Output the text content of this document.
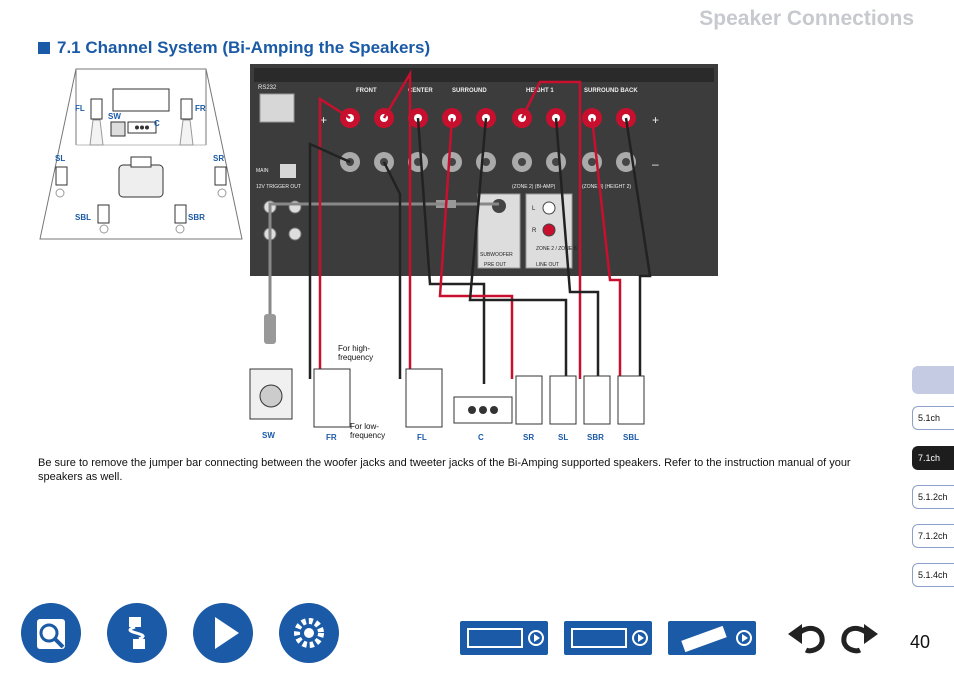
Speaker Connections
7.1 Channel System (Bi-Amping the Speakers)
FL	FR
SW
C
SL	SR
SBL	SBR
RS232
MAIN
12V TRIGGER OUT
FRONT	CENTER	SURROUND	HEIGHT 1	SURROUND BACK
+	+
–
(ZONE 2) (BI-AMP)	(ZONE 3) (HEIGHT 2)
SUBWOOFER
PRE OUT
L
R
ZONE 2 / ZONE B
LINE OUT
For high-frequency
For low-frequency
SW	FR	FL	C	SR	SL SBR SBL
Be sure to remove the jumper bar connecting between the woofer jacks and tweeter jacks of the Bi-Amping supported speakers. Refer to the instruction manual of your speakers as well.
5.1ch
7.1ch
5.1.2ch
7.1.2ch
5.1.4ch
40
